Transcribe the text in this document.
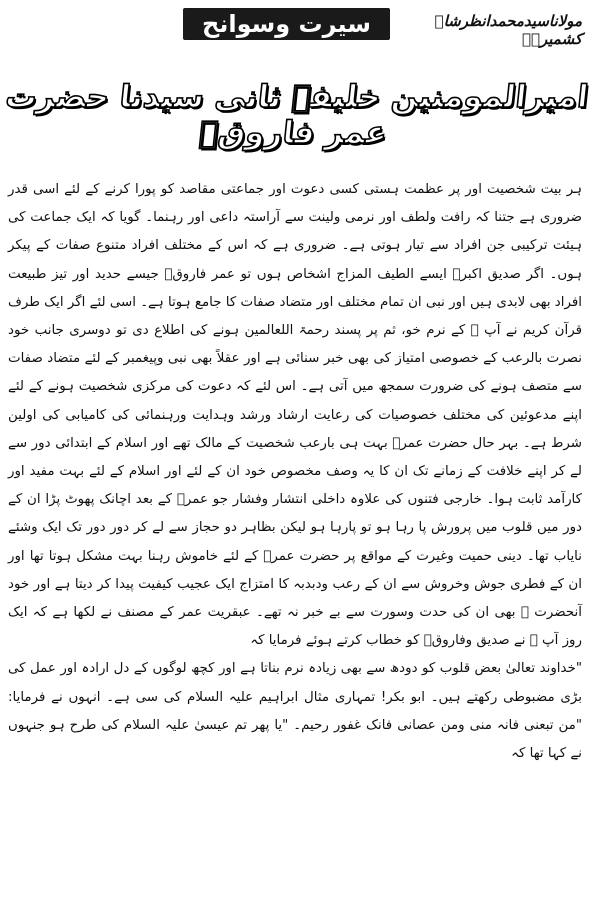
سیرت وسوانح	مولاناسیدمحمدانظرشاہ کشمیریؒ
امیرالمومنین خلیفہ ثانی سیدنا حضرت عمر فاروقؓ

ہر بیت شخصیت اور پر عظمت ہستی کسی دعوت اور جماعتی مقاصد کو پورا کرنے کے لئے اسی قدر ضروری ہے جتنا کہ رافت ولطف اور نرمی ولینت سے آراستہ داعی اور رہنما۔ گویا کہ ایک جماعت کی ہیئت ترکیبی جن افراد سے تیار ہوتی ہے۔ ضروری ہے کہ اس کے مختلف افراد متنوع صفات کے پیکر ہوں۔ اگر صدیق اکبرؓ ایسے الطیف المزاج اشخاص ہوں تو عمر فاروقؓ جیسے حدید اور تیز طبیعت افراد بھی لابدی ہیں اور نبی ان تمام مختلف اور متضاد صفات کا جامع ہوتا ہے۔ اسی لئے اگر ایک طرف قرآن کریم نے آپ ﷺ کے نرم خو، ثم پر پسند رحمۃ اللعالمین ہونے کی اطلاع دی تو دوسری جانب خود نصرت بالرعب کے خصوصی امتیاز کی بھی خبر سنائی ہے اور عقلاً بھی نبی وپیغمبر کے لئے متضاد صفات سے متصف ہونے کی ضرورت سمجھ میں آتی ہے۔ اس لئے کہ دعوت کی مرکزی شخصیت ہونے کے لئے اپنے مدعوئین کی مختلف خصوصیات کی رعایت ارشاد ورشد وہدایت ورہنمائی کی کامیابی کی اولین شرط ہے۔ بہر حال حضرت عمرؓ بہت ہی بارعب شخصیت کے مالک تھے اور اسلام کے ابتدائی دور سے لے کر اپنے خلافت کے زمانے تک ان کا یہ وصف مخصوص خود ان کے لئے اور اسلام کے لئے بہت مفید اور کارآمد ثابت ہوا۔ خارجی فتنوں کی علاوہ داخلی انتشار وفشار جو عمرؓ کے بعد اچانک پھوٹ پڑا ان کے دور میں قلوب میں پرورش پا رہا ہو تو پارہا ہو لیکن بظاہر دو حجاز سے لے کر دور دور تک ایک وشئے نایاب تھا۔ دینی حمیت وغیرت کے مواقع پر حضرت عمرؓ کے لئے خاموش رہنا بہت مشکل ہوتا تھا اور ان کے فطری جوش وخروش سے ان کے رعب ودبدبہ کا امتزاج ایک عجیب کیفیت پیدا کر دیتا ہے اور خود آنحضرت ﷺ بھی ان کی حدت وسورت سے بے خبر نہ تھے۔ عبقریت عمر کے مصنف نے لکھا ہے کہ ایک روز آپ ﷺ نے صدیق وفاروقؓ کو خطاب کرتے ہوئے فرمایا کہ

"خداوند تعالیٰ بعض قلوب کو دودھ سے بھی زیادہ نرم بناتا ہے اور کچھ لوگوں کے دل ارادہ اور عمل کی بڑی مضبوطی رکھتے ہیں۔ ابو بکر! تمہاری مثال ابراہیم علیہ السلام کی سی ہے۔ انہوں نے فرمایا: "من تبعنی فانہ منی ومن عصانی فانک غفور رحیم۔ "یا پھر تم عیسیٰ علیہ السلام کی طرح ہو جنہوں نے کہا تھا کہ
